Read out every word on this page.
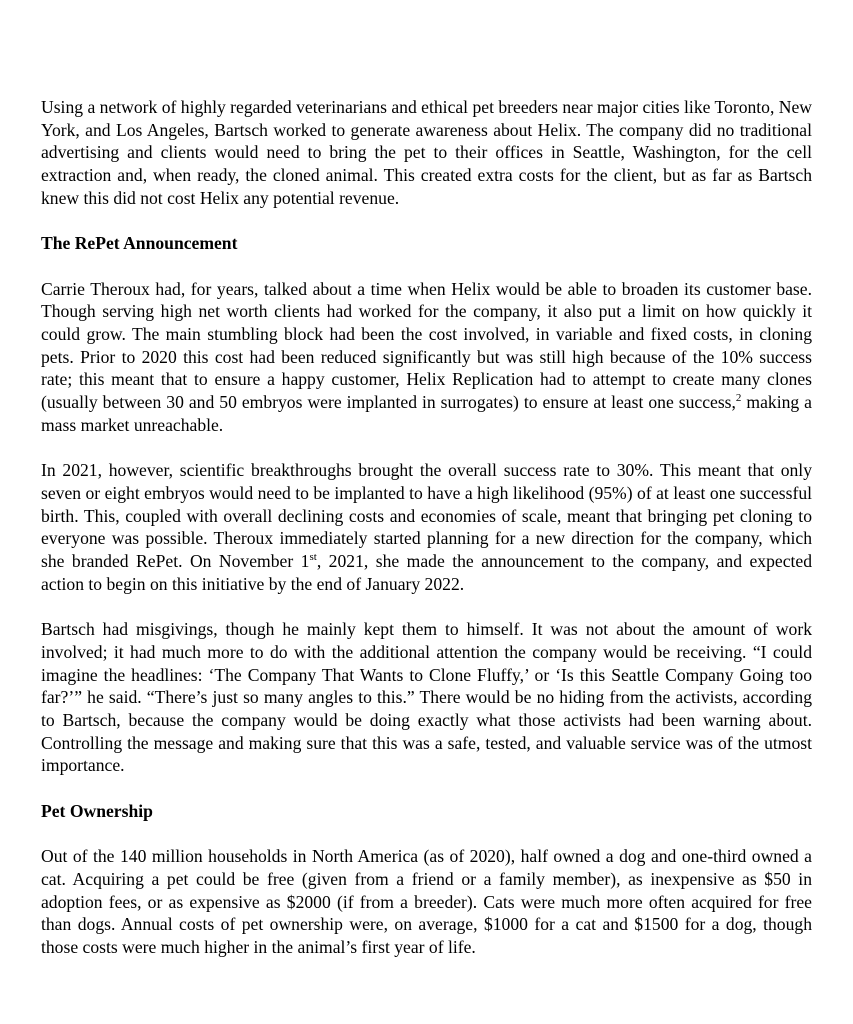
Using a network of highly regarded veterinarians and ethical pet breeders near major cities like Toronto, New York, and Los Angeles, Bartsch worked to generate awareness about Helix. The company did no traditional advertising and clients would need to bring the pet to their offices in Seattle, Washington, for the cell extraction and, when ready, the cloned animal. This created extra costs for the client, but as far as Bartsch knew this did not cost Helix any potential revenue.

The RePet Announcement

Carrie Theroux had, for years, talked about a time when Helix would be able to broaden its customer base. Though serving high net worth clients had worked for the company, it also put a limit on how quickly it could grow. The main stumbling block had been the cost involved, in variable and fixed costs, in cloning pets. Prior to 2020 this cost had been reduced significantly but was still high because of the 10% success rate; this meant that to ensure a happy customer, Helix Replication had to attempt to create many clones (usually between 30 and 50 embryos were implanted in surrogates) to ensure at least one success,$^2$ making a mass market unreachable.

In 2021, however, scientific breakthroughs brought the overall success rate to 30%. This meant that only seven or eight embryos would need to be implanted to have a high likelihood (95%) of at least one successful birth. This, coupled with overall declining costs and economies of scale, meant that bringing pet cloning to everyone was possible. Theroux immediately started planning for a new direction for the company, which she branded RePet. On November 1st, 2021, she made the announcement to the company, and expected action to begin on this initiative by the end of January 2022.

Bartsch had misgivings, though he mainly kept them to himself. It was not about the amount of work involved; it had much more to do with the additional attention the company would be receiving. “I could imagine the headlines: ‘The Company That Wants to Clone Fluffy,’ or ‘Is this Seattle Company Going too far?’” he said. “There’s just so many angles to this.” There would be no hiding from the activists, according to Bartsch, because the company would be doing exactly what those activists had been warning about. Controlling the message and making sure that this was a safe, tested, and valuable service was of the utmost importance.

Pet Ownership

Out of the 140 million households in North America (as of 2020), half owned a dog and one-third owned a cat. Acquiring a pet could be free (given from a friend or a family member), as inexpensive as $50 in adoption fees, or as expensive as $2000 (if from a breeder). Cats were much more often acquired for free than dogs. Annual costs of pet ownership were, on average, $1000 for a cat and $1500 for a dog, though those costs were much higher in the animal’s first year of life.
